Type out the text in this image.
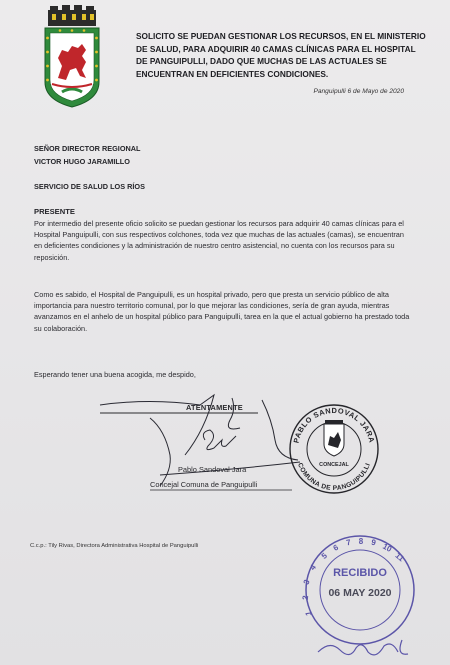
SOLICITO SE PUEDAN GESTIONAR LOS RECURSOS, EN EL MINISTERIO DE SALUD, PARA ADQUIRIR 40 CAMAS CLÍNICAS PARA EL HOSPITAL DE PANGUIPULLI, DADO QUE MUCHAS DE LAS ACTUALES SE ENCUENTRAN EN DEFICIENTES CONDICIONES.
Panguipulli 6 de Mayo de 2020
SEÑOR DIRECTOR REGIONAL
VICTOR HUGO JARAMILLO
SERVICIO DE SALUD LOS RÍOS
PRESENTE
Por intermedio del presente oficio solicito se puedan gestionar los recursos para adquirir 40 camas clínicas para el Hospital Panguipulli, con sus respectivos colchones, toda vez que muchas de las actuales (camas), se encuentran en deficientes condiciones y la administración de nuestro centro asistencial, no cuenta con los recursos para su reposición.
Como es sabido, el Hospital de Panguipulli, es un hospital privado, pero que presta un servicio público de alta importancia para nuestro territorio comunal, por lo que mejorar las condiciones, sería de gran ayuda, mientras avanzamos en el anhelo de un hospital público para Panguipulli, tarea en la que el actual gobierno ha prestado toda su colaboración.
Esperando tener una buena acogida, me despido,
ATENTAMENTE
Pablo Sandoval Jara
Concejal Comuna de Panguipulli
C.c.p.: Tily Rivas, Directora Administrativa Hospital de Panguipulli
PABLO SANDOVAL JARA
COMUNA DE PANGUIPULLI
CONCEJAL
5
6
7 8 9 10
11
4
3
2
1
RECIBIDO
06 MAY 2020
